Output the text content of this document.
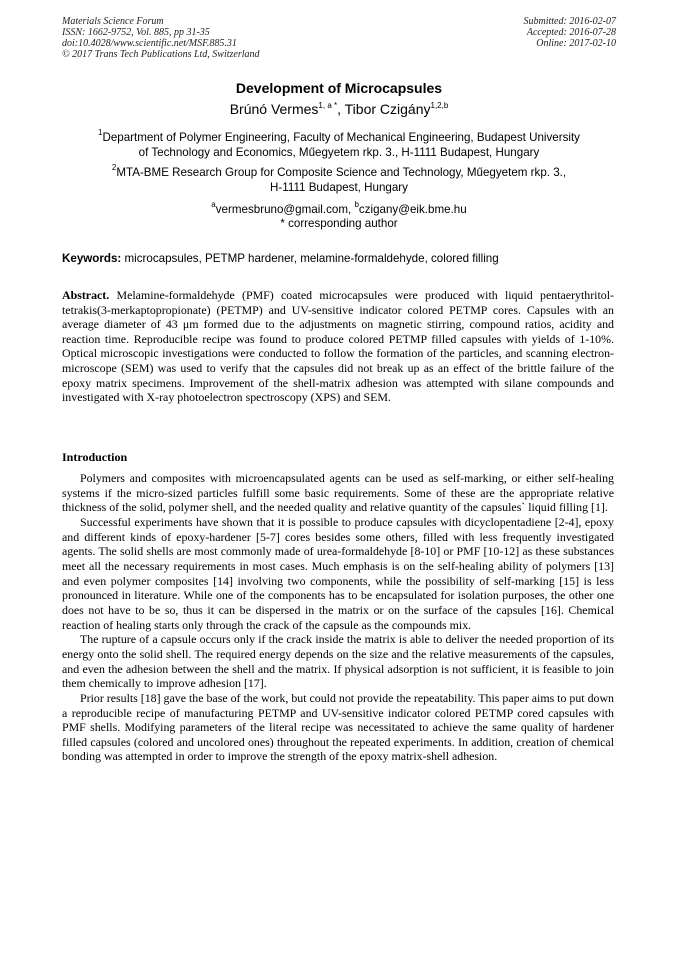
Materials Science Forum
ISSN: 1662-9752, Vol. 885, pp 31-35
doi:10.4028/www.scientific.net/MSF.885.31
© 2017 Trans Tech Publications Ltd, Switzerland
Submitted: 2016-02-07
Accepted: 2016-07-28
Online: 2017-02-10
Development of Microcapsules
Brúnó Vermes$^{1, a *}$, Tibor Czigány$^{1,2,b}$
$^1$Department of Polymer Engineering, Faculty of Mechanical Engineering, Budapest University
of Technology and Economics, Műegyetem rkp. 3., H-1111 Budapest, Hungary
$^2$MTA-BME Research Group for Composite Science and Technology, Műegyetem rkp. 3.,
H-1111 Budapest, Hungary
$^a$vermesbruno@gmail.com, $^b$czigany@eik.bme.hu
* corresponding author
Keywords: microcapsules, PETMP hardener, melamine-formaldehyde, colored filling
Abstract. Melamine-formaldehyde (PMF) coated microcapsules were produced with liquid pentaerythritol-tetrakis(3-merkaptopropionate) (PETMP) and UV-sensitive indicator colored PETMP cores. Capsules with an average diameter of 43 μm formed due to the adjustments on magnetic stirring, compound ratios, acidity and reaction time. Reproducible recipe was found to produce colored PETMP filled capsules with yields of 1-10%. Optical microscopic investigations were conducted to follow the formation of the particles, and scanning electron-microscope (SEM) was used to verify that the capsules did not break up as an effect of the brittle failure of the epoxy matrix specimens. Improvement of the shell-matrix adhesion was attempted with silane compounds and investigated with X-ray photoelectron spectroscopy (XPS) and SEM.
Introduction

Polymers and composites with microencapsulated agents can be used as self-marking, or either self-healing systems if the micro-sized particles fulfill some basic requirements. Some of these are the appropriate relative thickness of the solid, polymer shell, and the needed quality and relative quantity of the capsules` liquid filling [1].

Successful experiments have shown that it is possible to produce capsules with dicyclopentadiene [2-4], epoxy and different kinds of epoxy-hardener [5-7] cores besides some others, filled with less frequently investigated agents. The solid shells are most commonly made of urea-formaldehyde [8-10] or PMF [10-12] as these substances meet all the necessary requirements in most cases. Much emphasis is on the self-healing ability of polymers [13] and even polymer composites [14] involving two components, while the possibility of self-marking [15] is less pronounced in literature. While one of the components has to be encapsulated for isolation purposes, the other one does not have to be so, thus it can be dispersed in the matrix or on the surface of the capsules [16]. Chemical reaction of healing starts only through the crack of the capsule as the compounds mix.

The rupture of a capsule occurs only if the crack inside the matrix is able to deliver the needed proportion of its energy onto the solid shell. The required energy depends on the size and the relative measurements of the capsules, and even the adhesion between the shell and the matrix. If physical adsorption is not sufficient, it is feasible to join them chemically to improve adhesion [17].

Prior results [18] gave the base of the work, but could not provide the repeatability. This paper aims to put down a reproducible recipe of manufacturing PETMP and UV-sensitive indicator colored PETMP cored capsules with PMF shells. Modifying parameters of the literal recipe was necessitated to achieve the same quality of hardener filled capsules (colored and uncolored ones) throughout the repeated experiments. In addition, creation of chemical bonding was attempted in order to improve the strength of the epoxy matrix-shell adhesion.
